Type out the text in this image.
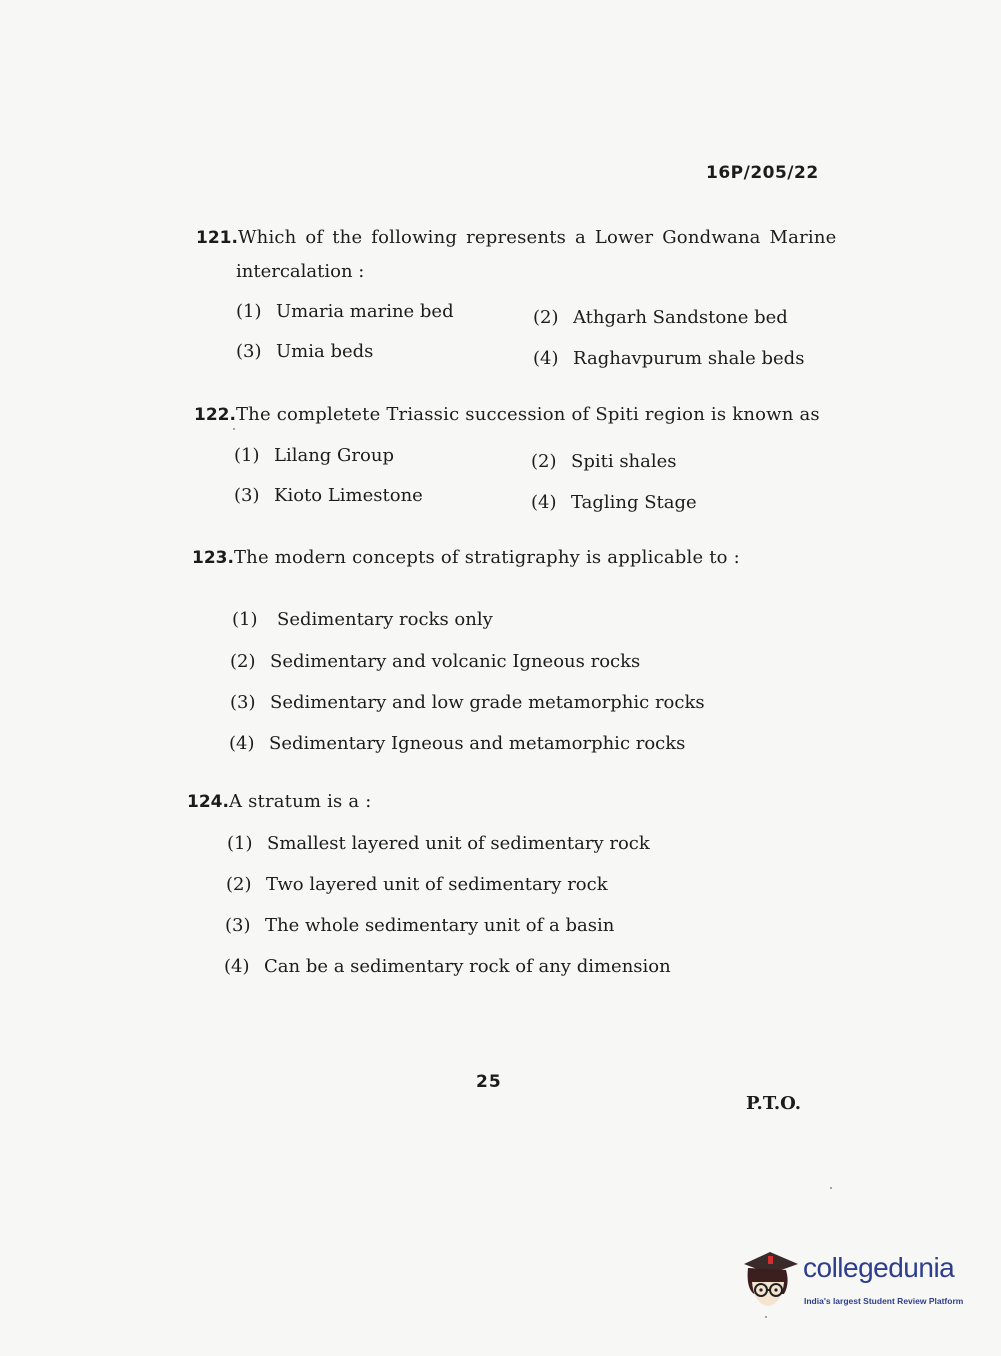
16P/205/22
121.Which of the following represents a Lower Gondwana Marine
intercalation :
(1) Umaria marine bed	(2) Athgarh Sandstone bed
(3) Umia beds	(4) Raghavpurum shale beds
122.The completete Triassic succession of Spiti region is known as
(1) Lilang Group	(2) Spiti shales
(3) Kioto Limestone	(4) Tagling Stage
123.The modern concepts of stratigraphy is applicable to :
(1) Sedimentary rocks only
(2) Sedimentary and volcanic Igneous rocks
(3) Sedimentary and low grade metamorphic rocks
(4) Sedimentary Igneous and metamorphic rocks
124.A stratum is a :
(1) Smallest layered unit of sedimentary rock
(2) Two layered unit of sedimentary rock
(3) The whole sedimentary unit of a basin
(4) Can be a sedimentary rock of any dimension
25
P.T.O.
collegedunia
India's largest Student Review Platform
